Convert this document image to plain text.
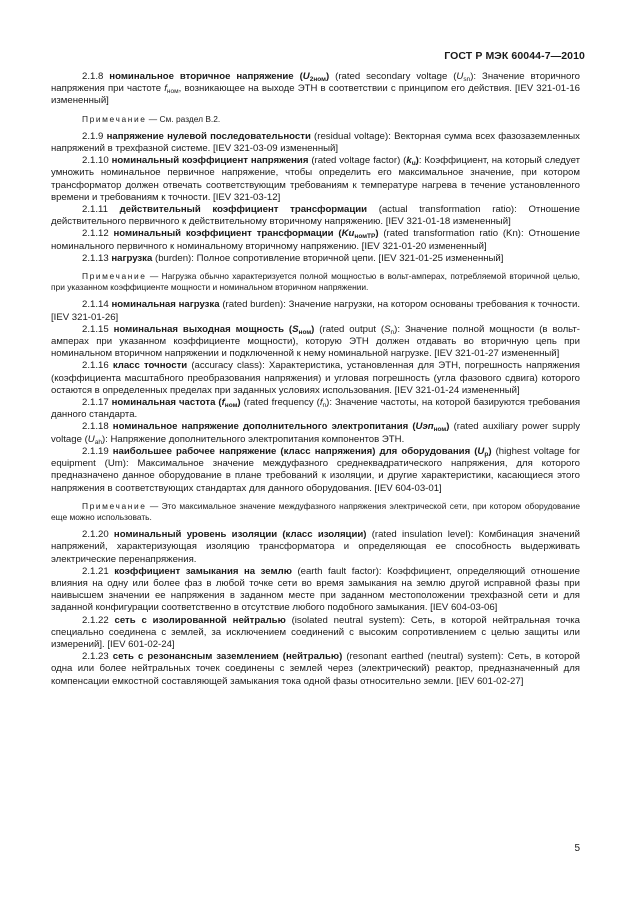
ГОСТ Р МЭК 60044-7—2010

2.1.8 номинальное вторичное напряжение $(U_{2ном})$ (rated secondary voltage $(U_{sn})$: Значение вторичного напряжения при частоте $f_{ном}$, возникающее на выходе ЭТН в соответствии с принципом его действия. [IEV 321-01-16 измененный]

Примечание — См. раздел В.2.

2.1.9 напряжение нулевой последовательности (residual voltage): Векторная сумма всех фазозаземленных напряжений в трехфазной системе. [IEV 321-03-09 измененный]

2.1.10 номинальный коэффициент напряжения (rated voltage factor) $(k_u)$: Коэффициент, на который следует умножить номинальное первичное напряжение, чтобы определить его максимальное значение, при котором трансформатор должен отвечать соответствующим требованиям к температуре нагрева в течение установленного времени и требованиям к точности. [IEV 321-03-12]

2.1.11 действительный коэффициент трансформации (actual transformation ratio): Отношение действительного первичного к действительному вторичному напряжению. [IEV 321-01-18 измененный]

2.1.12 номинальный коэффициент трансформации $(Ku_{номТР})$ (rated transformation ratio (Kn): Отношение номинального первичного к номинальному вторичному напряжению. [IEV 321-01-20 измененный]

2.1.13 нагрузка (burden): Полное сопротивление вторичной цепи. [IEV 321-01-25 измененный]

Примечание — Нагрузка обычно характеризуется полной мощностью в вольт-амперах, потребляемой вторичной целью, при указанном коэффициенте мощности и номинальном вторичном напряжении.

2.1.14 номинальная нагрузка (rated burden): Значение нагрузки, на котором основаны требования к точности. [IEV 321-01-26]

2.1.15 номинальная выходная мощность $(S_{ном})$ (rated output $(S_n)$: Значение полной мощности (в вольт-амперах при указанном коэффициенте мощности), которую ЭТН должен отдавать во вторичную цепь при номинальном вторичном напряжении и подключенной к нему номинальной нагрузке. [IEV 321-01-27 измененный]

2.1.16 класс точности (accuracy class): Характеристика, установленная для ЭТН, погрешность напряжения (коэффициента масштабного преобразования напряжения) и угловая погрешность (угла фазового сдвига) которого остаются в определенных пределах при заданных условиях использования. [IEV 321-01-24 измененный]

2.1.17 номинальная частота $(f_{ном})$ (rated frequency $(f_n)$: Значение частоты, на которой базируются требования данного стандарта.

2.1.18 номинальное напряжение дополнительного электропитания (Uэп$_{ном}$) (rated auxiliary power supply voltage $(U_{ah})$: Напряжение дополнительного электропитания компонентов ЭТН.

2.1.19 наибольшее рабочее напряжение (класс напряжения) для оборудования $(U_p)$ (highest voltage for equipment (Um): Максимальное значение междуфазного среднеквадратического напряжения, для которого предназначено данное оборудование в плане требований к изоляции, и другие характеристики, касающиеся этого напряжения в соответствующих стандартах для данного оборудования. [IEV 604-03-01]

Примечание — Это максимальное значение междуфазного напряжения электрической сети, при котором оборудование еще можно использовать.

2.1.20 номинальный уровень изоляции (класс изоляции) (rated insulation level): Комбинация значений напряжений, характеризующая изоляцию трансформатора и определяющая ее способность выдерживать электрические перенапряжения.

2.1.21 коэффициент замыкания на землю (earth fault factor): Коэффициент, определяющий отношение влияния на одну или более фаз в любой точке сети во время замыкания на землю другой исправной фазы при наивысшем значении ее напряжения в заданном месте при заданном местоположении трехфазной сети и для заданной конфигурации соответственно в отсутствие любого подобного замыкания. [IEV 604-03-06]

2.1.22 сеть с изолированной нейтралью (isolated neutral system): Сеть, в которой нейтральная точка специально соединена с землей, за исключением соединений с высоким сопротивлением с целью защиты или измерений]. [IEV 601-02-24]

2.1.23 сеть с резонансным заземлением (нейтралью) (resonant earthed (neutral) system): Сеть, в которой одна или более нейтральных точек соединены с землей через (электрический) реактор, предназначенный для компенсации емкостной составляющей замыкания тока одной фазы относительно земли. [IEV 601-02-27]

5
